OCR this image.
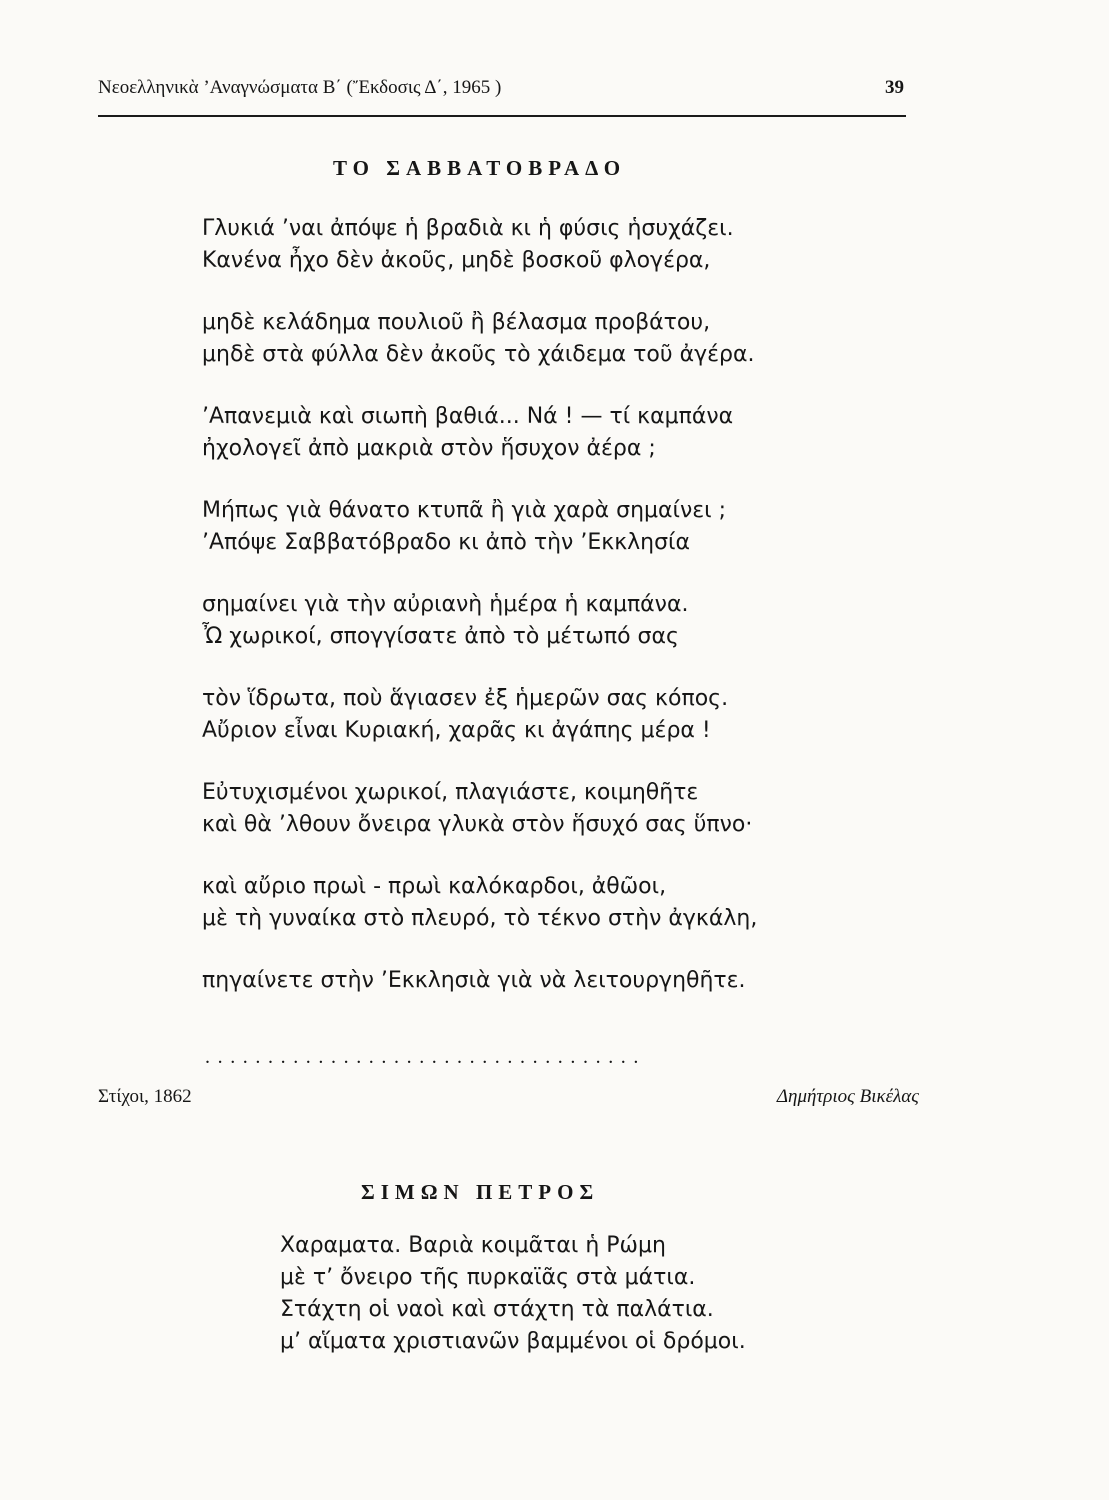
Νεοελληνικὰ ’Αναγνώσματα Β΄ (Ἔκδοσις Δ΄, 1965 )	39
ΤΟ ΣΑΒΒΑΤΟΒΡΑΔΟ
Γλυκιά ’ναι ἀπόψε ἡ βραδιὰ κι ἡ φύσις ἡσυχάζει.
Κανένα ἦχο δὲν ἀκοῦς, μηδὲ βοσκοῦ φλογέρα,
μηδὲ κελάδημα πουλιοῦ ἢ βέλασμα προβάτου,
μηδὲ στὰ φύλλα δὲν ἀκοῦς τὸ χάιδεμα τοῦ ἀγέρα.
’Απανεμιὰ καὶ σιωπὴ βαθιά... Νά ! — τί καμπάνα
ἠχολογεῖ ἀπὸ μακριὰ στὸν ἥσυχον ἀέρα ;
Μήπως γιὰ θάνατο κτυπᾶ ἢ γιὰ χαρὰ σημαίνει ;
’Απόψε Σαββατόβραδο κι ἀπὸ τὴν ’Εκκλησία
σημαίνει γιὰ τὴν αὐριανὴ ἡμέρα ἡ καμπάνα.
Ὦ χωρικοί, σπογγίσατε ἀπὸ τὸ μέτωπό σας
τὸν ἵδρωτα, ποὺ ἅγιασεν ἐξ ἡμερῶν σας κόπος.
Αὔριον εἶναι Κυριακή, χαρᾶς κι ἀγάπης μέρα !
Εὐτυχισμένοι χωρικοί, πλαγιάστε, κοιμηθῆτε
καὶ θὰ ’λθουν ὄνειρα γλυκὰ στὸν ἥσυχό σας ὕπνο·
καὶ αὔριο πρωὶ - πρωὶ καλόκαρδοι, ἀθῶοι,
μὲ τὴ γυναίκα στὸ πλευρό, τὸ τέκνο στὴν ἀγκάλη,
πηγαίνετε στὴν ’Εκκλησιὰ γιὰ νὰ λειτουργηθῆτε.
...................................
Στίχοι, 1862	Δημήτριος Βικέλας
ΣΙΜΩΝ ΠΕΤΡΟΣ
Χαραματα. Βαριὰ κοιμᾶται ἡ Ρώμη
μὲ τ’ ὄνειρο τῆς πυρκαϊᾶς στὰ μάτια.
Στάχτη οἱ ναοὶ καὶ στάχτη τὰ παλάτια.
μ’ αἵματα χριστιανῶν βαμμένοι οἱ δρόμοι.
